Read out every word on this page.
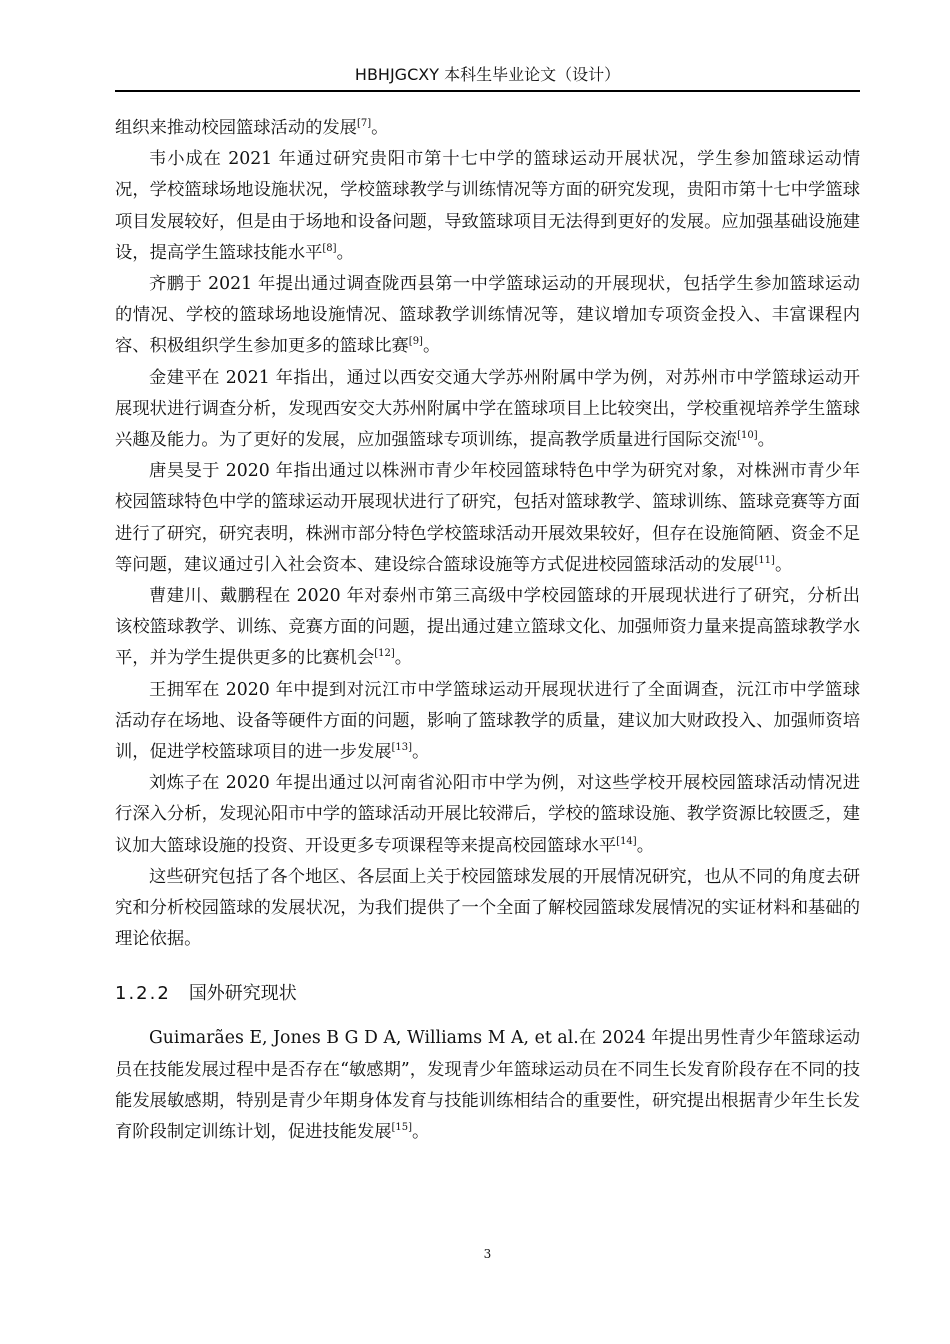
HBHJGCXY 本科生毕业论文（设计）

组织来推动校园篮球活动的发展[7]。

韦小成在 2021 年通过研究贵阳市第十七中学的篮球运动开展状况，学生参加篮球运动情况，学校篮球场地设施状况，学校篮球教学与训练情况等方面的研究发现，贵阳市第十七中学篮球项目发展较好，但是由于场地和设备问题，导致篮球项目无法得到更好的发展。应加强基础设施建设，提高学生篮球技能水平[8]。

齐鹏于 2021 年提出通过调查陇西县第一中学篮球运动的开展现状，包括学生参加篮球运动的情况、学校的篮球场地设施情况、篮球教学训练情况等，建议增加专项资金投入、丰富课程内容、积极组织学生参加更多的篮球比赛[9]。

金建平在 2021 年指出，通过以西安交通大学苏州附属中学为例，对苏州市中学篮球运动开展现状进行调查分析，发现西安交大苏州附属中学在篮球项目上比较突出，学校重视培养学生篮球兴趣及能力。为了更好的发展，应加强篮球专项训练，提高教学质量进行国际交流[10]。

唐昊旻于 2020 年指出通过以株洲市青少年校园篮球特色中学为研究对象，对株洲市青少年校园篮球特色中学的篮球运动开展现状进行了研究，包括对篮球教学、篮球训练、篮球竞赛等方面进行了研究，研究表明，株洲市部分特色学校篮球活动开展效果较好，但存在设施简陋、资金不足等问题，建议通过引入社会资本、建设综合篮球设施等方式促进校园篮球活动的发展[11]。

曹建川、戴鹏程在 2020 年对泰州市第三高级中学校园篮球的开展现状进行了研究，分析出该校篮球教学、训练、竞赛方面的问题，提出通过建立篮球文化、加强师资力量来提高篮球教学水平，并为学生提供更多的比赛机会[12]。

王拥军在 2020 年中提到对沅江市中学篮球运动开展现状进行了全面调查，沅江市中学篮球活动存在场地、设备等硬件方面的问题，影响了篮球教学的质量，建议加大财政投入、加强师资培训，促进学校篮球项目的进一步发展[13]。

刘炼子在 2020 年提出通过以河南省沁阳市中学为例，对这些学校开展校园篮球活动情况进行深入分析，发现沁阳市中学的篮球活动开展比较滞后，学校的篮球设施、教学资源比较匮乏，建议加大篮球设施的投资、开设更多专项课程等来提高校园篮球水平[14]。

这些研究包括了各个地区、各层面上关于校园篮球发展的开展情况研究，也从不同的角度去研究和分析校园篮球的发展状况，为我们提供了一个全面了解校园篮球发展情况的实证材料和基础的理论依据。

1.2.2 国外研究现状

Guimarães E, Jones B G D A, Williams M A, et al.在 2024 年提出男性青少年篮球运动员在技能发展过程中是否存在“敏感期”，发现青少年篮球运动员在不同生长发育阶段存在不同的技能发展敏感期，特别是青少年期身体发育与技能训练相结合的重要性，研究提出根据青少年生长发育阶段制定训练计划，促进技能发展[15]。

3
